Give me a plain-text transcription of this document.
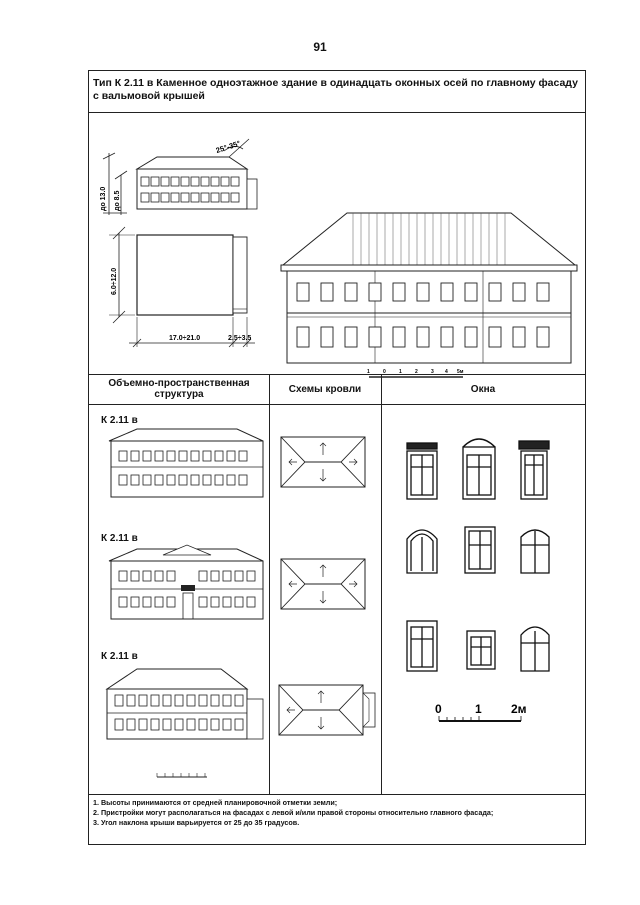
91
Тип К 2.11 в Каменное одноэтажное здание в одинадцать оконных осей по главному фасаду с вальмовой крышей
до 13.0 до 8.5
25°-35°
6.0÷12.0
17.0÷21.0	2.5÷3.5
1	0	1	2	3 4 5м
Объемно-пространственная структура	Схемы кровли	Окна
К 2.11 в
К 2.11 в
К 2.11 в
0	1 2м
1. Высоты принимаются от средней планировочной отметки земли;
2. Пристройки могут располагаться на фасадах с левой и/или правой стороны относительно главного фасада;
3. Угол наклона крыши варьируется от 25 до 35 градусов.
